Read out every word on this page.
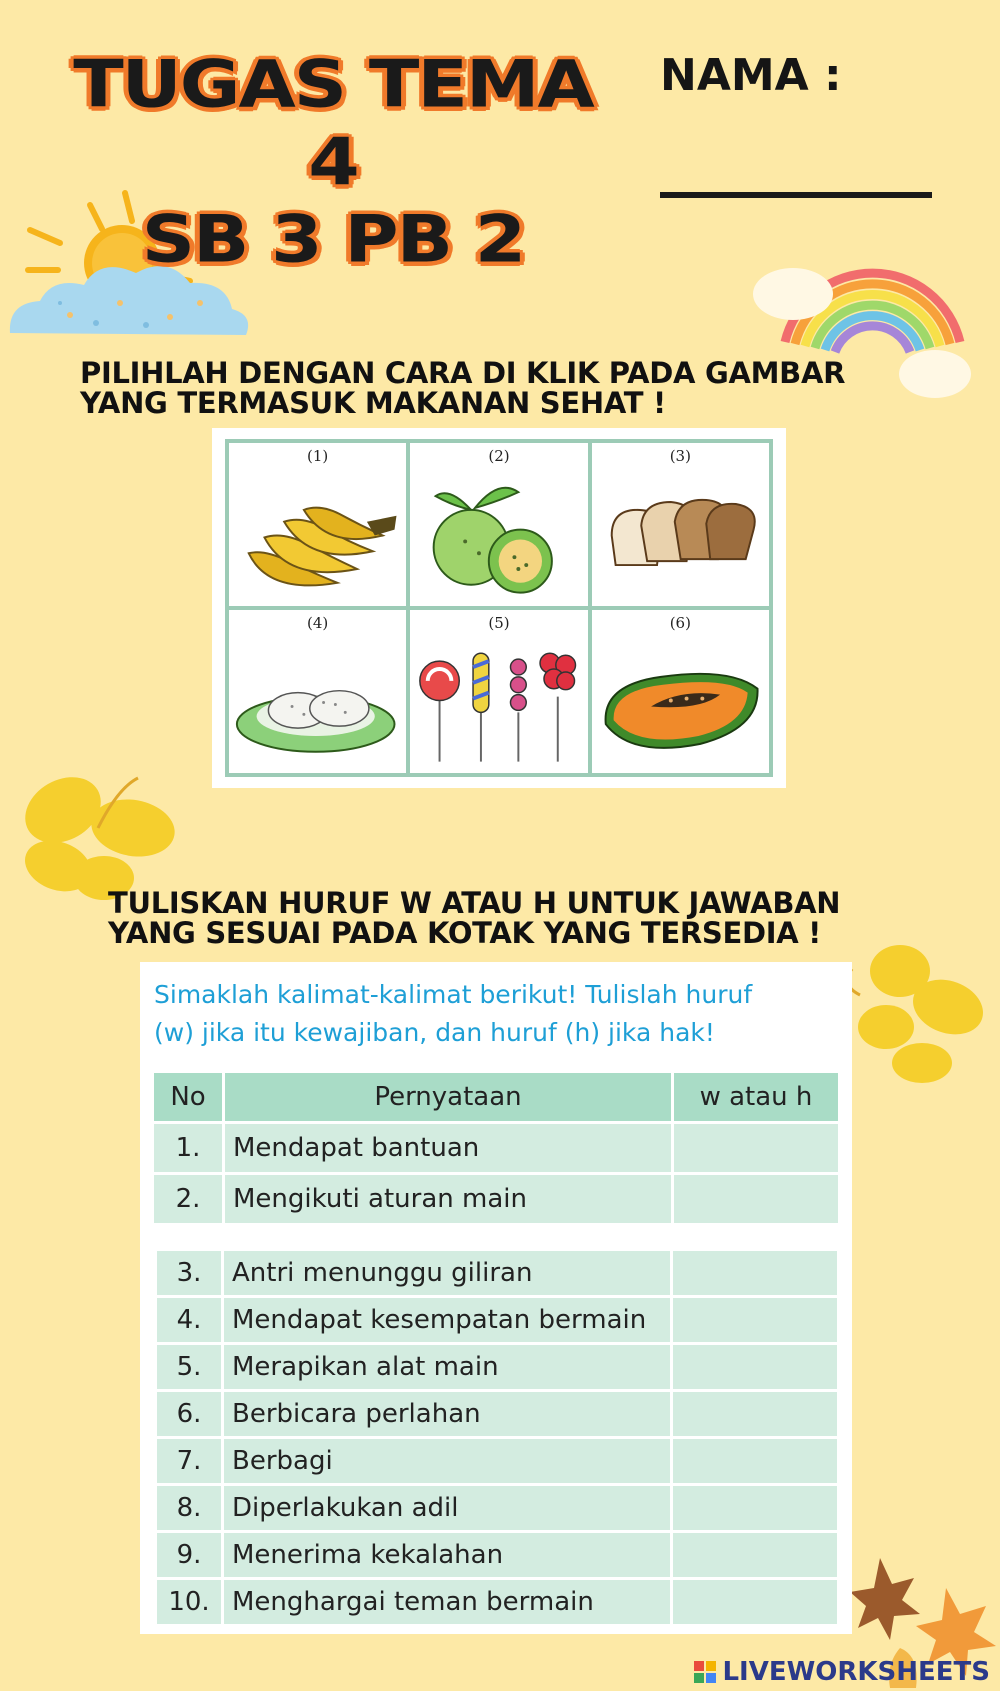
TUGAS TEMA 4
SB 3 PB 2
NAMA :
PILIHLAH DENGAN CARA DI KLIK PADA GAMBAR
YANG TERMASUK MAKANAN SEHAT !
(1)	(2)	(3)
(4)	(5)	(6)
TULISKAN HURUF W ATAU H UNTUK JAWABAN
YANG SESUAI PADA KOTAK YANG TERSEDIA !
Simaklah kalimat-kalimat berikut! Tulislah huruf
(w) jika itu kewajiban, dan huruf (h) jika hak!
No	Pernyataan	w atau h
1.	Mendapat bantuan	
2.	Mengikuti aturan main	
3.	Antri menunggu giliran	
4.	Mendapat kesempatan bermain	
5.	Merapikan alat main	
6.	Berbicara perlahan	
7.	Berbagi	
8.	Diperlakukan adil	
9.	Menerima kekalahan	
10.	Menghargai teman bermain	
LIVEWORKSHEETS
